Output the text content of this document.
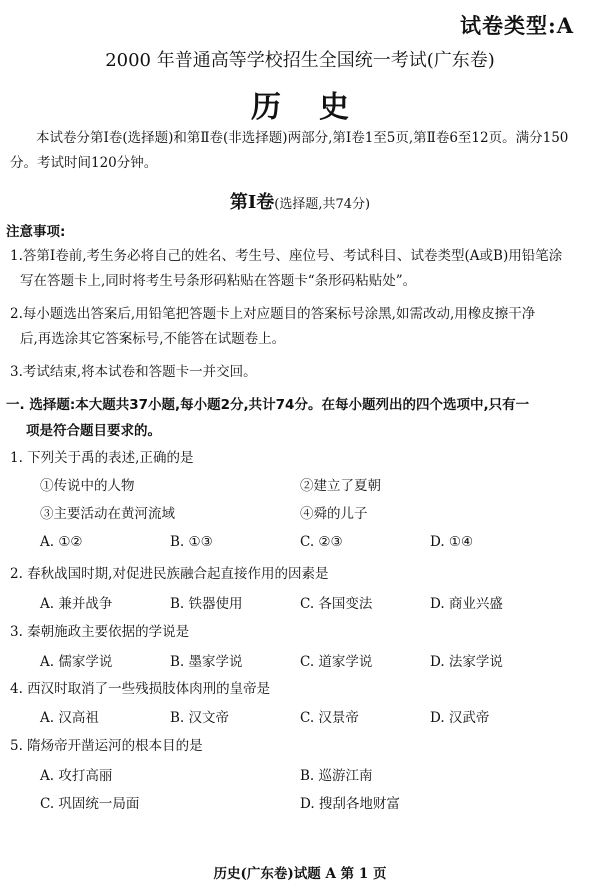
试卷类型:A
2000 年普通高等学校招生全国统一考试(广东卷)
历史
本试卷分第Ⅰ卷(选择题)和第Ⅱ卷(非选择题)两部分,第Ⅰ卷1至5页,第Ⅱ卷6至12页。满分150分。考试时间120分钟。
第Ⅰ卷(选择题,共74分)
注意事项:
1.答第Ⅰ卷前,考生务必将自己的姓名、考生号、座位号、考试科目、试卷类型(A或B)用铅笔涂
写在答题卡上,同时将考生号条形码粘贴在答题卡“条形码粘贴处”。
2.每小题选出答案后,用铅笔把答题卡上对应题目的答案标号涂黑,如需改动,用橡皮擦干净
后,再选涂其它答案标号,不能答在试题卷上。
3.考试结束,将本试卷和答题卡一并交回。
一. 选择题:本大题共37小题,每小题2分,共计74分。在每小题列出的四个选项中,只有一
项是符合题目要求的。
1. 下列关于禹的表述,正确的是
①传说中的人物	②建立了夏朝
③主要活动在黄河流域	④舜的儿子
A. ①②	B. ①③	C. ②③	D. ①④
2. 春秋战国时期,对促进民族融合起直接作用的因素是
A. 兼并战争	B. 铁器使用	C. 各国变法	D. 商业兴盛
3. 秦朝施政主要依据的学说是
A. 儒家学说	B. 墨家学说	C. 道家学说	D. 法家学说
4. 西汉时取消了一些残损肢体肉刑的皇帝是
A. 汉高祖	B. 汉文帝	C. 汉景帝	D. 汉武帝
5. 隋炀帝开凿运河的根本目的是
A. 攻打高丽	B. 巡游江南
C. 巩固统一局面	D. 搜刮各地财富
历史(广东卷)试题 A 第 1 页
